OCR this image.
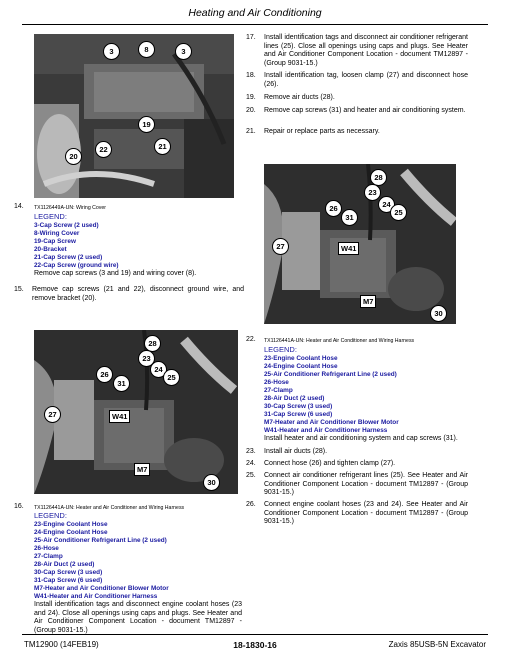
Heating and Air Conditioning
3	8	3
19
22	21
20
TX1126449A-UN: Wiring Cover
14.
LEGEND:
3-Cap Screw (2 used)
8-Wiring Cover
19-Cap Screw
20-Bracket
21-Cap Screw (2 used)
22-Cap Screw (ground wire)
Remove cap screws (3 and 19) and wiring cover (8).
15. Remove cap screws (21 and 22), disconnect ground wire, and remove bracket (20).
28
23
26
24
25
31
30
W41
M7
27
TX1126441A-UN: Heater and Air Conditioner and Wiring Harness
16.
LEGEND:
23-Engine Coolant Hose
24-Engine Coolant Hose
25-Air Conditioner Refrigerant Line (2 used)
26-Hose
27-Clamp
28-Air Duct (2 used)
30-Cap Screw (3 used)
31-Cap Screw (6 used)
M7-Heater and Air Conditioner Blower Motor
W41-Heater and Air Conditioner Harness
Install identification tags and disconnect engine coolant hoses (23 and 24). Close all openings using caps and plugs. See Heater and Air Conditioner Component Location - document TM12897 - (Group 9031-15.)
17. Install identification tags and disconnect air conditioner refrigerant lines (25). Close all openings using caps and plugs. See Heater and Air Conditioner Component Location - document TM12897 - (Group 9031-15.)
18. Install identification tag, loosen clamp (27) and disconnect hose (26).
19. Remove air ducts (28).
20. Remove cap screws (31) and heater and air conditioning system.
21. Repair or replace parts as necessary.
28
23
26	24
25
31
30
W41
M7
27
22. TX1126441A-UN: Heater and Air Conditioner and Wiring Harness
LEGEND:
23-Engine Coolant Hose
24-Engine Coolant Hose
25-Air Conditioner Refrigerant Line (2 used)
26-Hose
27-Clamp
28-Air Duct (2 used)
30-Cap Screw (3 used)
31-Cap Screw (6 used)
M7-Heater and Air Conditioner Blower Motor
W41-Heater and Air Conditioner Harness
Install heater and air conditioning system and cap screws (31).
23. Install air ducts (28).
24. Connect hose (26) and tighten clamp (27).
25. Connect air conditioner refrigerant lines (25). See Heater and Air Conditioner Component Location - document TM12897 - (Group 9031-15.)
26. Connect engine coolant hoses (23 and 24). See Heater and Air Conditioner Component Location - document TM12897 - (Group 9031-15.)
TM12900 (14FEB19)	18-1830-16	Zaxis 85USB-5N Excavator
